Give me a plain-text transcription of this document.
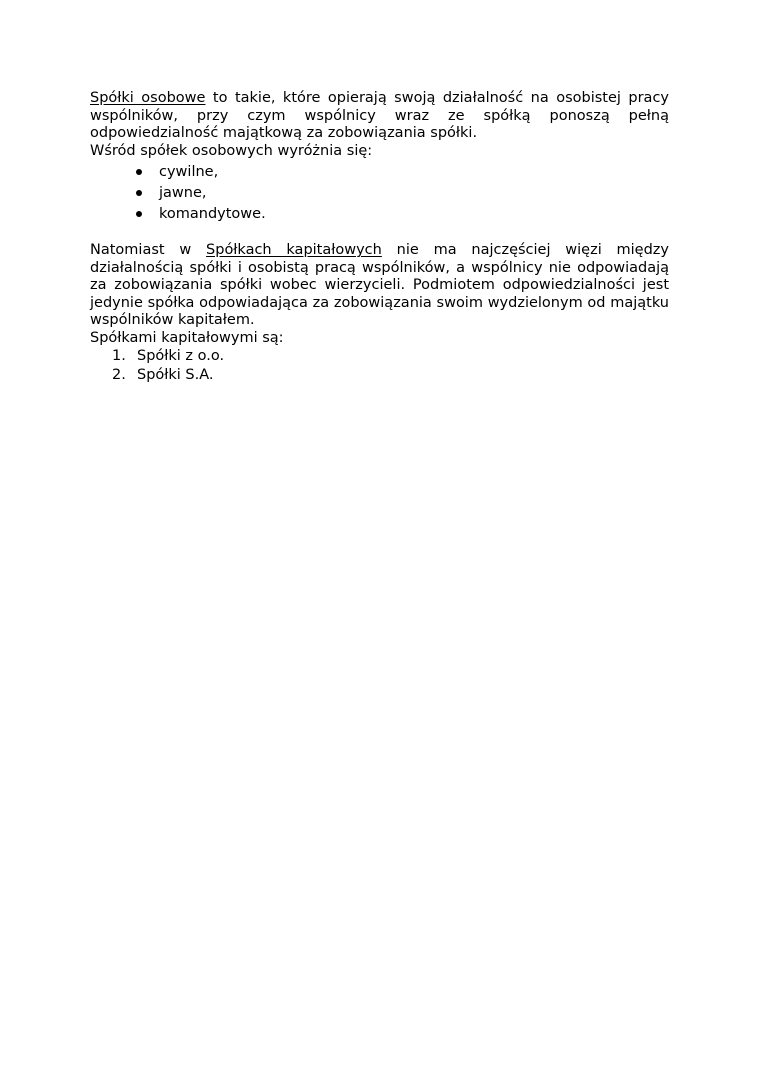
Spółki osobowe to takie, które opierają swoją działalność na osobistej pracy wspólników, przy czym wspólnicy wraz ze spółką ponoszą pełną odpowiedzialność majątkową za zobowiązania spółki.

Wśród spółek osobowych wyróżnia się:

cywilne,
jawne,
komandytowe.

Natomiast w Spółkach kapitałowych nie ma najczęściej więzi między działalnością spółki i osobistą pracą wspólników, a wspólnicy nie odpowiadają za zobowiązania spółki wobec wierzycieli. Podmiotem odpowiedzialności jest jedynie spółka odpowiadająca za zobowiązania swoim wydzielonym od majątku wspólników kapitałem.

Spółkami kapitałowymi są:

1. Spółki z o.o.
2. Spółki S.A.
